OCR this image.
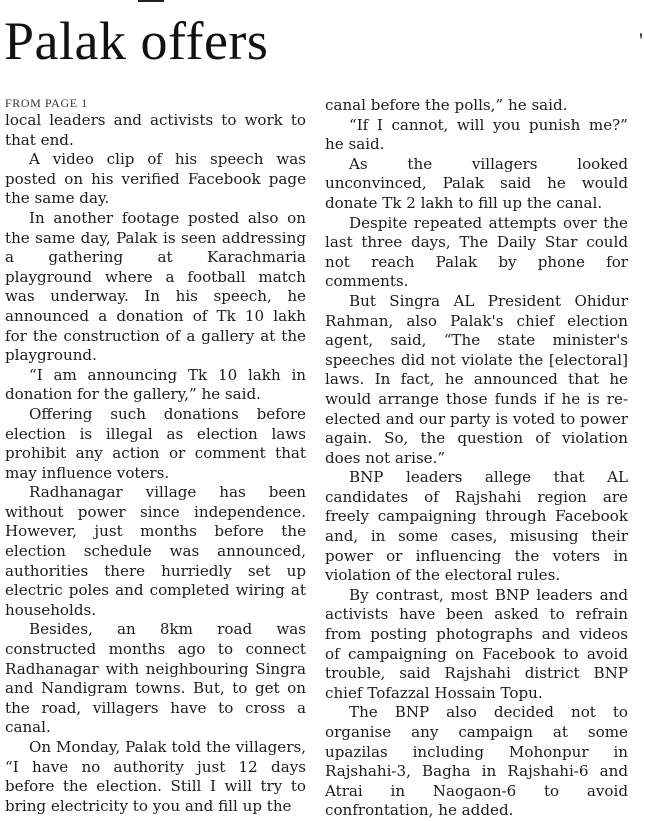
Palak offers	'
FROM PAGE 1

local leaders and activists to work to that end.

A video clip of his speech was posted on his verified Facebook page the same day.

In another footage posted also on the same day, Palak is seen addressing a gathering at Karachmaria playground where a football match was underway. In his speech, he announced a donation of Tk 10 lakh for the construction of a gallery at the playground.

“I am announcing Tk 10 lakh in donation for the gallery,” he said.

Offering such donations before election is illegal as election laws prohibit any action or comment that may influence voters.

Radhanagar village has been without power since independence. However, just months before the election schedule was announced, authorities there hurriedly set up electric poles and completed wiring at households.

Besides, an 8km road was constructed months ago to connect Radhanagar with neighbouring Singra and Nandigram towns. But, to get on the road, villagers have to cross a canal.

On Monday, Palak told the villagers, “I have no authority just 12 days before the election. Still I will try to bring electricity to you and fill up the

canal before the polls,” he said.

“If I cannot, will you punish me?” he said.

As the villagers looked unconvinced, Palak said he would donate Tk 2 lakh to fill up the canal.

Despite repeated attempts over the last three days, The Daily Star could not reach Palak by phone for comments.

But Singra AL President Ohidur Rahman, also Palak's chief election agent, said, “The state minister's speeches did not violate the [electoral] laws. In fact, he announced that he would arrange those funds if he is re-elected and our party is voted to power again. So, the question of violation does not arise.”

BNP leaders allege that AL candidates of Rajshahi region are freely campaigning through Facebook and, in some cases, misusing their power or influencing the voters in violation of the electoral rules.

By contrast, most BNP leaders and activists have been asked to refrain from posting photographs and videos of campaigning on Facebook to avoid trouble, said Rajshahi district BNP chief Tofazzal Hossain Topu.

The BNP also decided not to organise any campaign at some upazilas including Mohonpur in Rajshahi-3, Bagha in Rajshahi-6 and Atrai in Naogaon-6 to avoid confrontation, he added.
